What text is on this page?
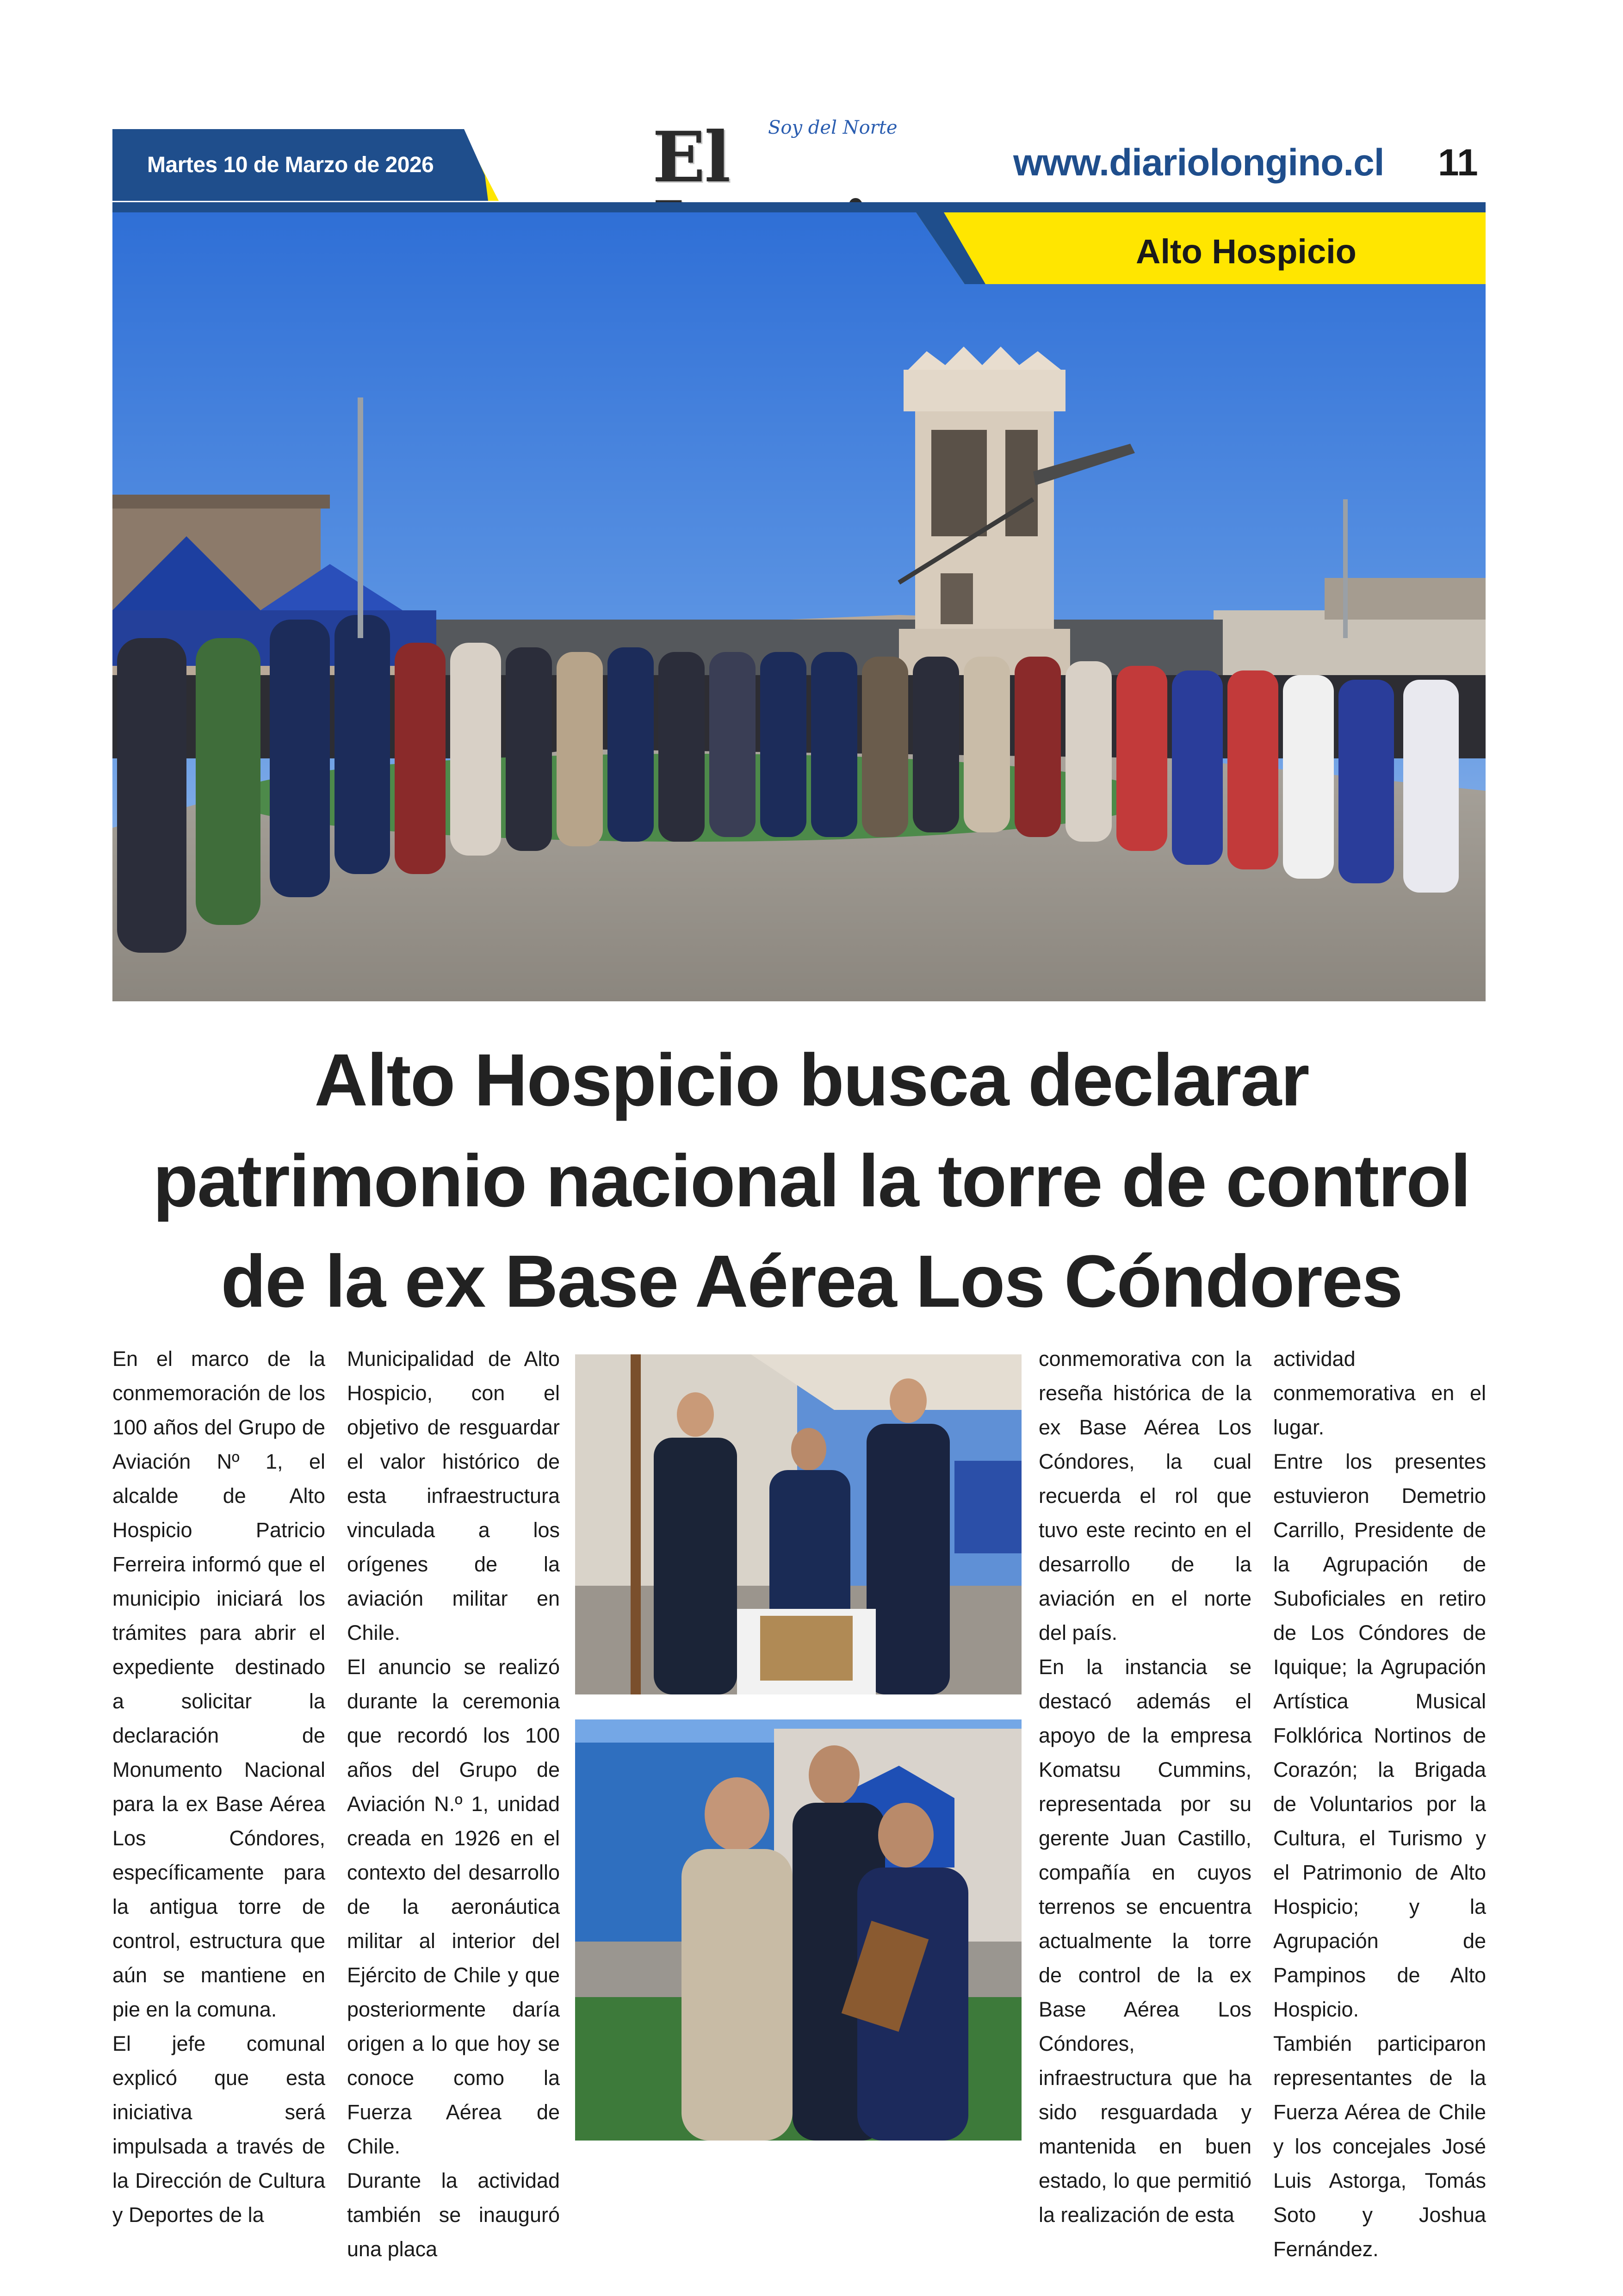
Martes 10 de Marzo de 2026
Soy del Norte
El	www.diariolongino.cl 11
Alto Hospicio
Alto Hospicio busca declarar
patrimonio nacional la torre de control
de la ex Base Aérea Los Cóndores

En el marco de la conmemoración de los 100 años del Grupo de Aviación Nº 1, el alcalde de Alto Hospicio Patricio Ferreira informó que el municipio iniciará los trámites para abrir el expediente destinado a solicitar la declaración de Monumento Nacional para la ex Base Aérea Los Cóndores, específicamente para la antigua torre de control, estructura que aún se mantiene en pie en la comuna.

El jefe comunal explicó que esta iniciativa será impulsada a través de la Dirección de Cultura y Deportes de la

Municipalidad de Alto Hospicio, con el objetivo de resguardar el valor histórico de esta infraestructura vinculada a los orígenes de la aviación militar en Chile.

El anuncio se realizó durante la ceremonia que recordó los 100 años del Grupo de Aviación N.º 1, unidad creada en 1926 en el contexto del desarrollo de la aeronáutica militar al interior del Ejército de Chile y que posteriormente daría origen a lo que hoy se conoce como la Fuerza Aérea de Chile.

Durante la actividad también se inauguró una placa

conmemorativa con la reseña histórica de la ex Base Aérea Los Cóndores, la cual recuerda el rol que tuvo este recinto en el desarrollo de la aviación en el norte del país.

En la instancia se destacó además el apoyo de la empresa Komatsu Cummins, representada por su gerente Juan Castillo, compañía en cuyos terrenos se encuentra actualmente la torre de control de la ex Base Aérea Los Cóndores, infraestructura que ha sido resguardada y mantenida en buen estado, lo que permitió la realización de esta

actividad conmemorativa en el lugar.

Entre los presentes estuvieron Demetrio Carrillo, Presidente de la Agrupación de Suboficiales en retiro de Los Cóndores de Iquique; la Agrupación Artística Musical Folklórica Nortinos de Corazón; la Brigada de Voluntarios por la Cultura, el Turismo y el Patrimonio de Alto Hospicio; y la Agrupación de Pampinos de Alto Hospicio.

También participaron representantes de la Fuerza Aérea de Chile y los concejales José Luis Astorga, Tomás Soto y Joshua Fernández.
